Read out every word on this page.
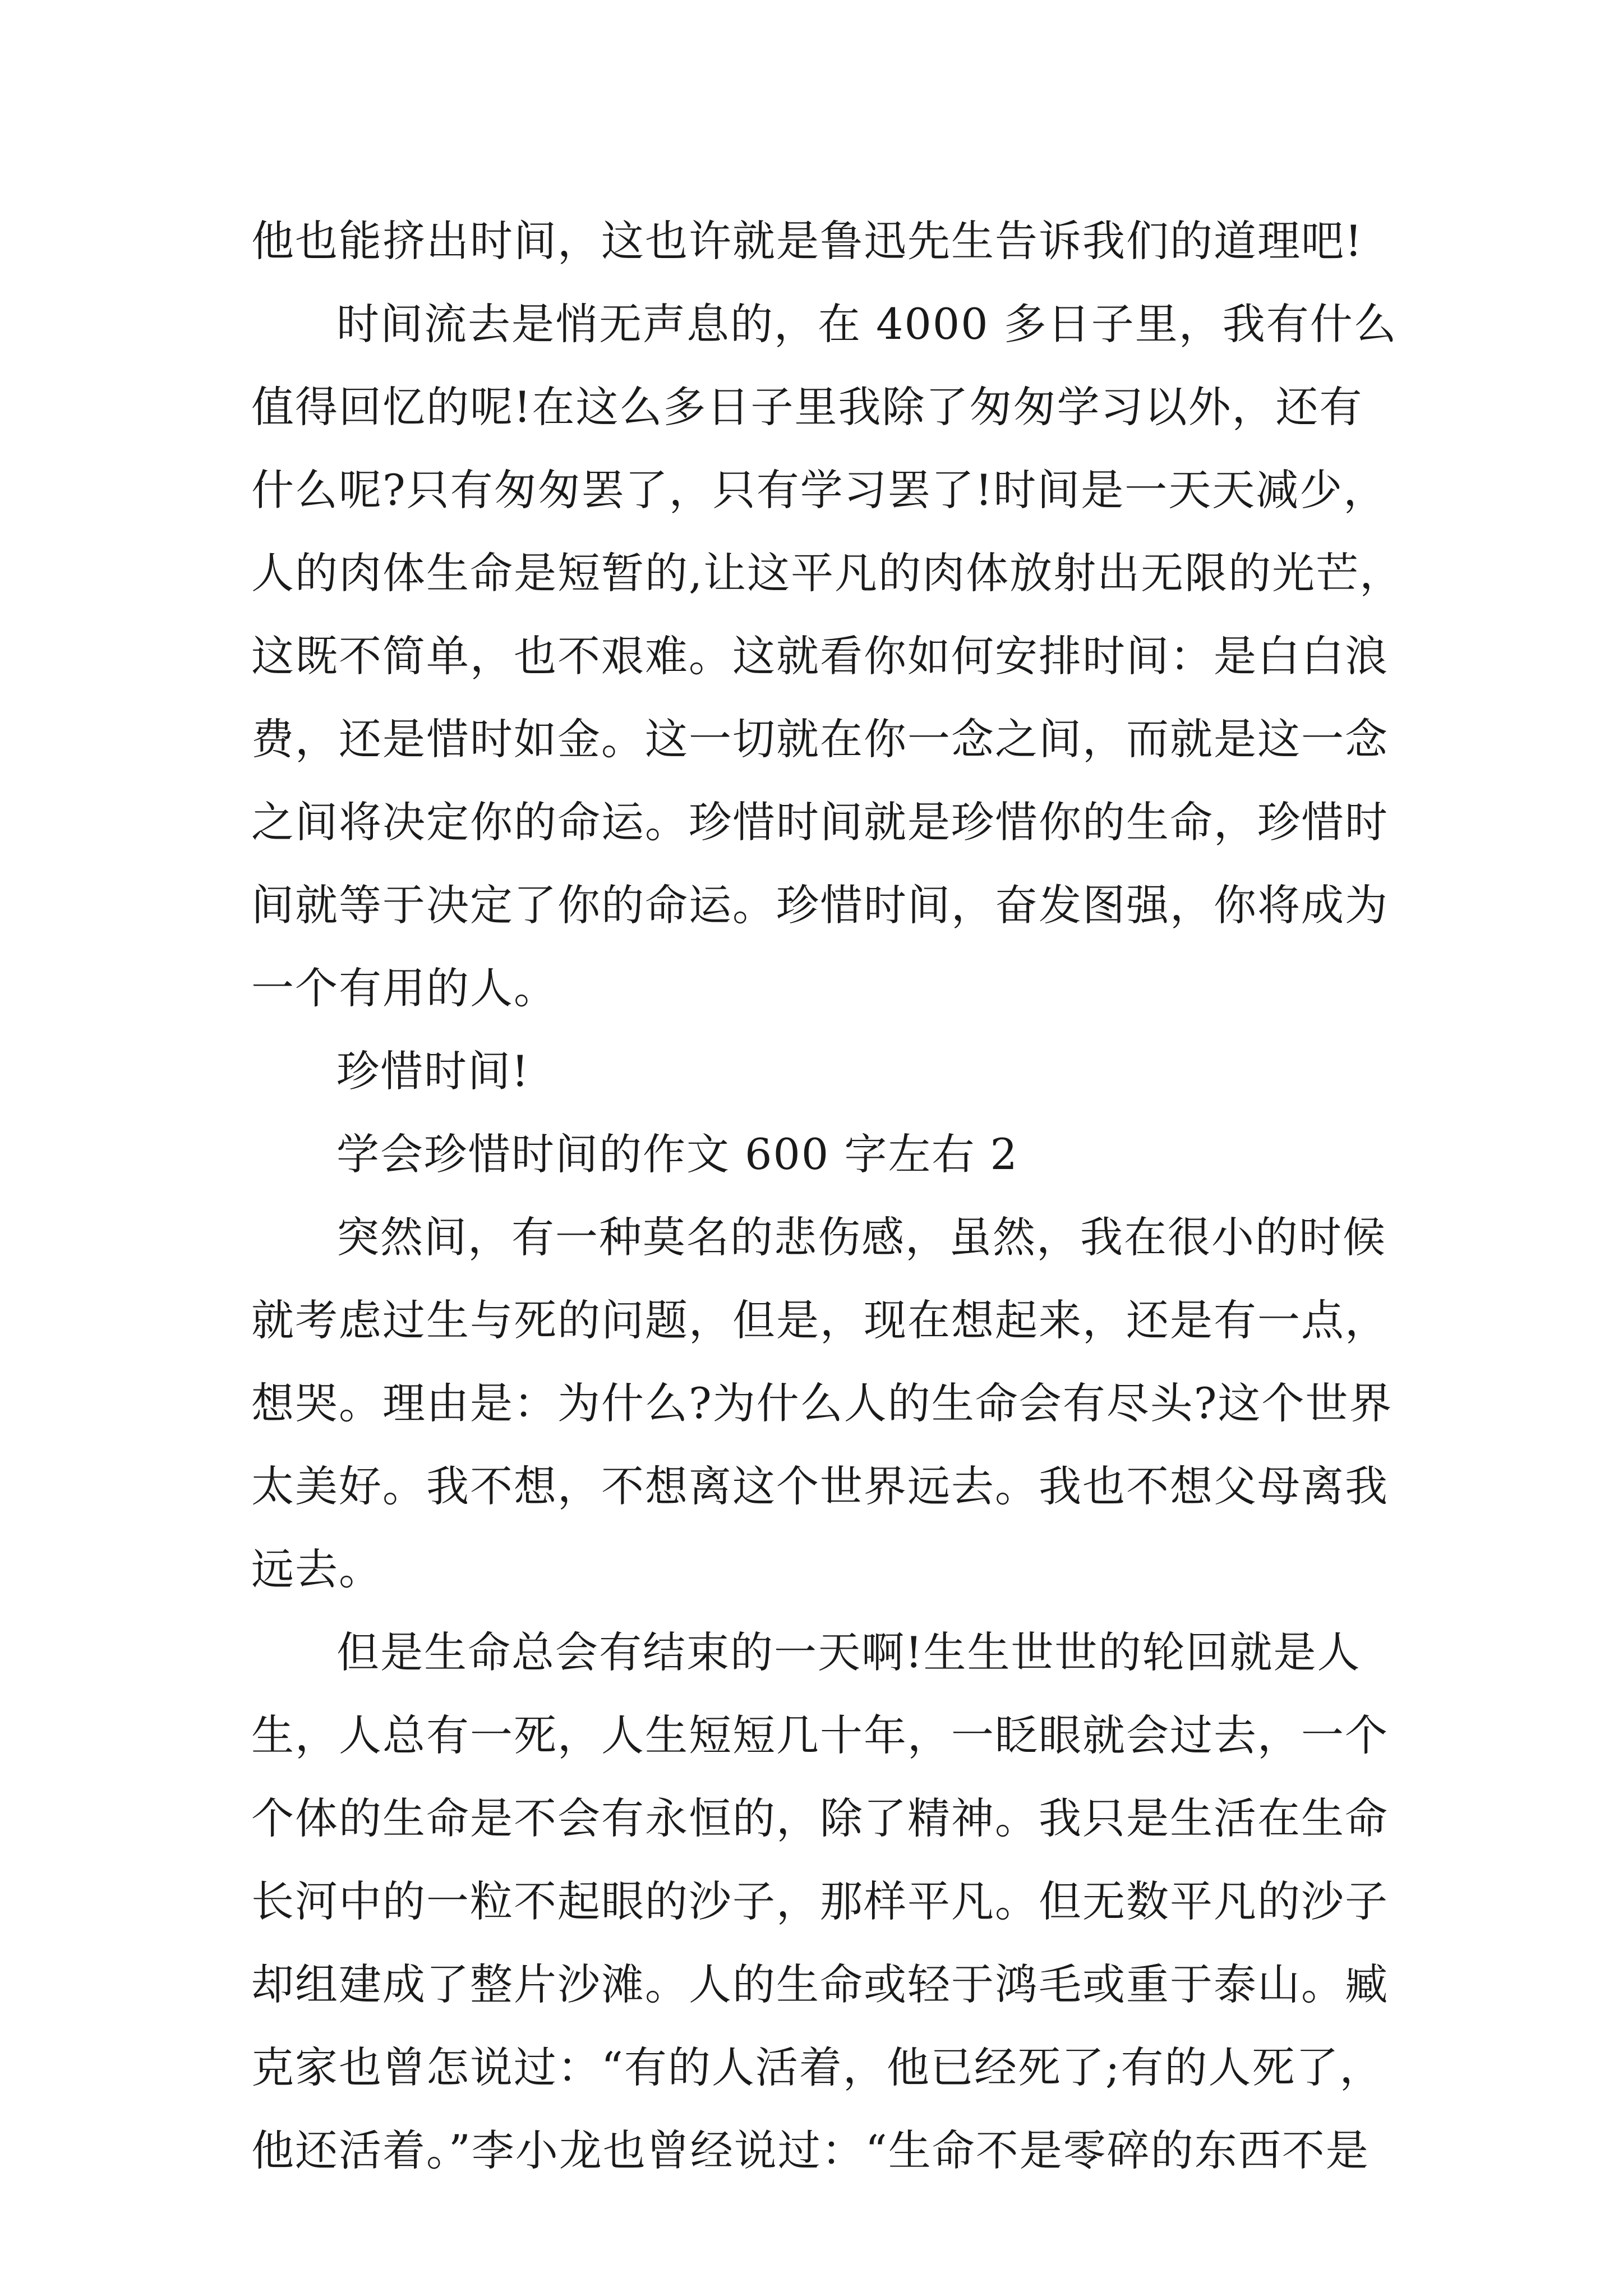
他也能挤出时间，这也许就是鲁迅先生告诉我们的道理吧!
时间流去是悄无声息的，在 4000 多日子里，我有什么
值得回忆的呢!在这么多日子里我除了匆匆学习以外，还有
什么呢?只有匆匆罢了，只有学习罢了!时间是一天天减少，
人的肉体生命是短暂的,让这平凡的肉体放射出无限的光芒，
这既不简单，也不艰难。这就看你如何安排时间：是白白浪
费，还是惜时如金。这一切就在你一念之间，而就是这一念
之间将决定你的命运。珍惜时间就是珍惜你的生命，珍惜时
间就等于决定了你的命运。珍惜时间，奋发图强，你将成为
一个有用的人。
珍惜时间!
学会珍惜时间的作文 600 字左右 2
突然间，有一种莫名的悲伤感，虽然，我在很小的时候
就考虑过生与死的问题，但是，现在想起来，还是有一点，
想哭。理由是：为什么?为什么人的生命会有尽头?这个世界
太美好。我不想，不想离这个世界远去。我也不想父母离我
远去。
但是生命总会有结束的一天啊!生生世世的轮回就是人
生，人总有一死，人生短短几十年，一眨眼就会过去，一个
个体的生命是不会有永恒的，除了精神。我只是生活在生命
长河中的一粒不起眼的沙子，那样平凡。但无数平凡的沙子
却组建成了整片沙滩。人的生命或轻于鸿毛或重于泰山。臧
克家也曾怎说过：“有的人活着，他已经死了;有的人死了，
他还活着。”李小龙也曾经说过：“生命不是零碎的东西不是
